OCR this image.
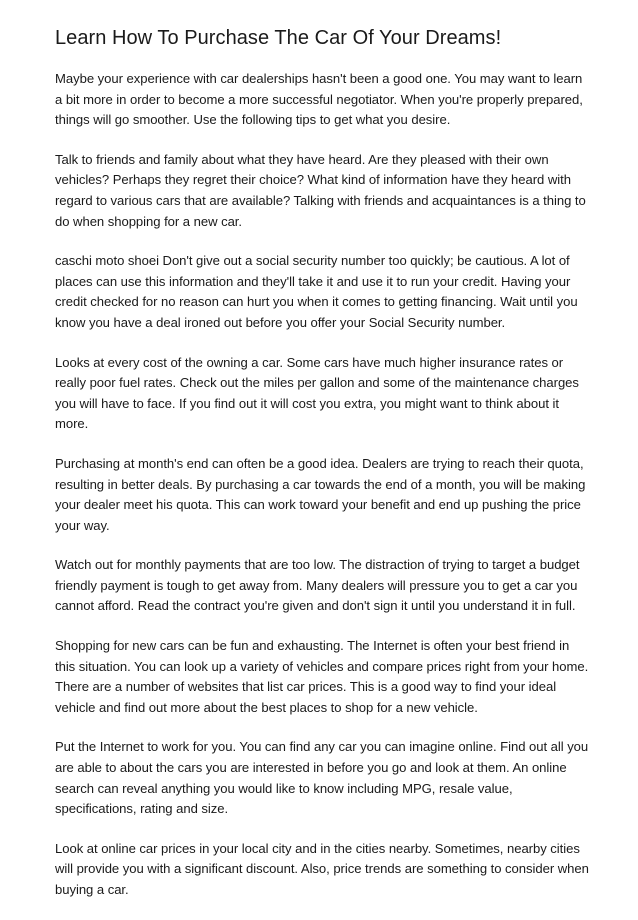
Learn How To Purchase The Car Of Your Dreams!

Maybe your experience with car dealerships hasn't been a good one. You may want to learn
a bit more in order to become a more successful negotiator. When you're properly prepared,
things will go smoother. Use the following tips to get what you desire.

Talk to friends and family about what they have heard. Are they pleased with their own
vehicles? Perhaps they regret their choice? What kind of information have they heard with
regard to various cars that are available? Talking with friends and acquaintances is a thing to
do when shopping for a new car.

caschi moto shoei Don't give out a social security number too quickly; be cautious. A lot of
places can use this information and they'll take it and use it to run your credit. Having your
credit checked for no reason can hurt you when it comes to getting financing. Wait until you
know you have a deal ironed out before you offer your Social Security number.

Looks at every cost of the owning a car. Some cars have much higher insurance rates or
really poor fuel rates. Check out the miles per gallon and some of the maintenance charges
you will have to face. If you find out it will cost you extra, you might want to think about it
more.

Purchasing at month's end can often be a good idea. Dealers are trying to reach their quota,
resulting in better deals. By purchasing a car towards the end of a month, you will be making
your dealer meet his quota. This can work toward your benefit and end up pushing the price
your way.

Watch out for monthly payments that are too low. The distraction of trying to target a budget
friendly payment is tough to get away from. Many dealers will pressure you to get a car you
cannot afford. Read the contract you're given and don't sign it until you understand it in full.

Shopping for new cars can be fun and exhausting. The Internet is often your best friend in
this situation. You can look up a variety of vehicles and compare prices right from your home.
There are a number of websites that list car prices. This is a good way to find your ideal
vehicle and find out more about the best places to shop for a new vehicle.

Put the Internet to work for you. You can find any car you can imagine online. Find out all you
are able to about the cars you are interested in before you go and look at them. An online
search can reveal anything you would like to know including MPG, resale value,
specifications, rating and size.

Look at online car prices in your local city and in the cities nearby. Sometimes, nearby cities
will provide you with a significant discount. Also, price trends are something to consider when
buying a car.
